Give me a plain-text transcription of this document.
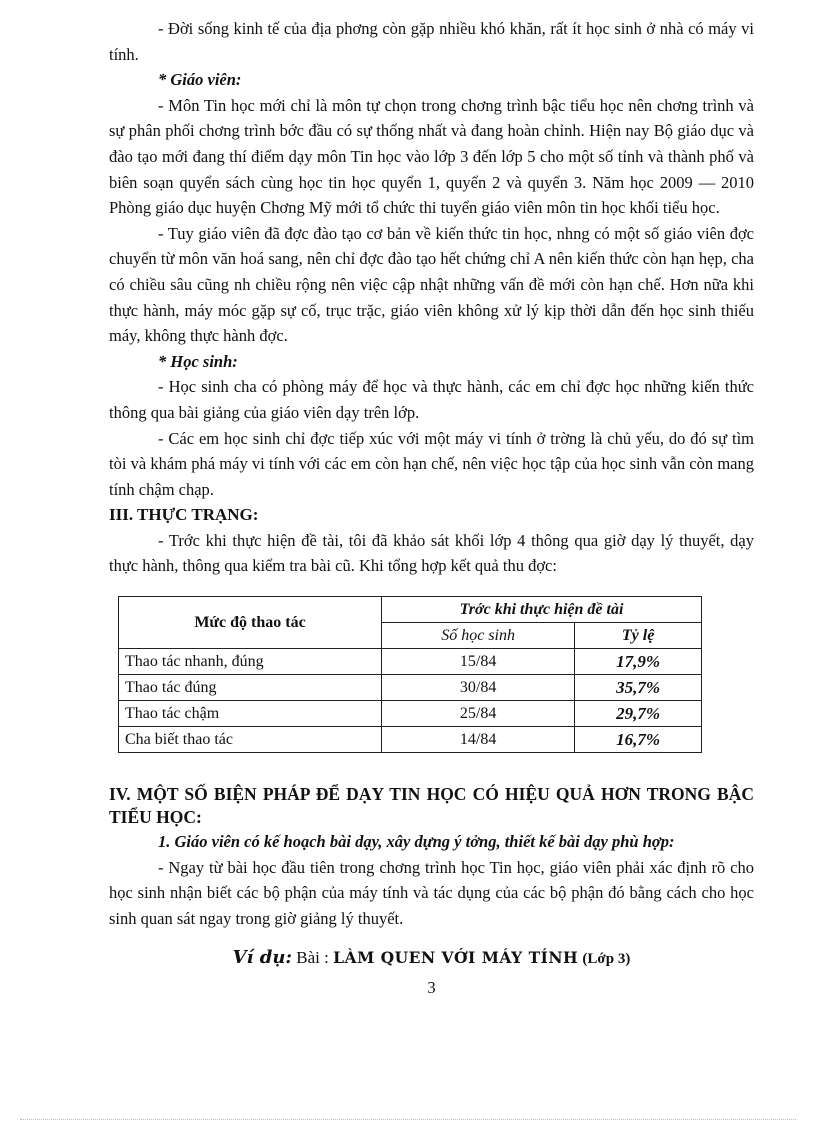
- Đời sống kinh tế của địa phơng còn gặp nhiều khó khăn, rất ít học sinh ở nhà có máy vi tính.

* Giáo viên:

- Môn Tin học mới chỉ là môn tự chọn trong chơng trình bậc tiểu học nên chơng trình và sự phân phối chơng trình bớc đầu có sự thống nhất và đang hoàn chỉnh. Hiện nay Bộ giáo dục và đào tạo mới đang thí điểm dạy môn Tin học vào lớp 3 đến lớp 5 cho một số tỉnh và thành phố và biên soạn quyển sách cùng học tin học quyển 1, quyển 2 và quyển 3. Năm học 2009 — 2010 Phòng giáo dục huyện Chơng Mỹ mới tổ chức thi tuyển giáo viên môn tin học khối tiểu học.

- Tuy giáo viên đã đợc đào tạo cơ bản về kiến thức tin học, nhng có một số giáo viên đợc chuyển từ môn văn hoá sang, nên chỉ đợc đào tạo hết chứng chỉ A nên kiến thức còn hạn hẹp, cha có chiều sâu cũng nh chiều rộng nên việc cập nhật những vấn đề mới còn hạn chế. Hơn nữa khi thực hành, máy móc gặp sự cố, trục trặc, giáo viên không xử lý kịp thời dẫn đến học sinh thiếu máy, không thực hành đợc.

* Học sinh:

- Học sinh cha có phòng máy để học và thực hành, các em chỉ đợc học những kiến thức thông qua bài giảng của giáo viên dạy trên lớp.

- Các em học sinh chỉ đợc tiếp xúc với một máy vi tính ở trờng là chủ yếu, do đó sự tìm tòi và khám phá máy vi tính với các em còn hạn chế, nên việc học tập của học sinh vẫn còn mang tính chậm chạp.

III. THỰC TRẠNG:

- Trớc khi thực hiện đề tài, tôi đã khảo sát khối lớp 4 thông qua giờ dạy lý thuyết, dạy thực hành, thông qua kiểm tra bài cũ. Khi tổng hợp kết quả thu đợc:

Mức độ thao tác	Trớc khi thực hiện đề tài	
	Số học sinh	Tỷ lệ
Thao tác nhanh, đúng	15/84	17,9%
Thao tác đúng	30/84	35,7%
Thao tác chậm	25/84	29,7%
Cha biết thao tác	14/84	16,7%

IV. MỘT SỐ BIỆN PHÁP ĐỂ DẠY TIN HỌC CÓ HIỆU QUẢ HƠN TRONG BẬC TIỂU HỌC:

1. Giáo viên có kế hoạch bài dạy, xây dựng ý tởng, thiết kế bài dạy phù hợp:

- Ngay từ bài học đầu tiên trong chơng trình học Tin học, giáo viên phải xác định rõ cho học sinh nhận biết các bộ phận của máy tính và tác dụng của các bộ phận đó bằng cách cho học sinh quan sát ngay trong giờ giảng lý thuyết.

Ví dụ: Bài : LÀM QUEN VỚI MÁY TÍNH (Lớp 3)

3
